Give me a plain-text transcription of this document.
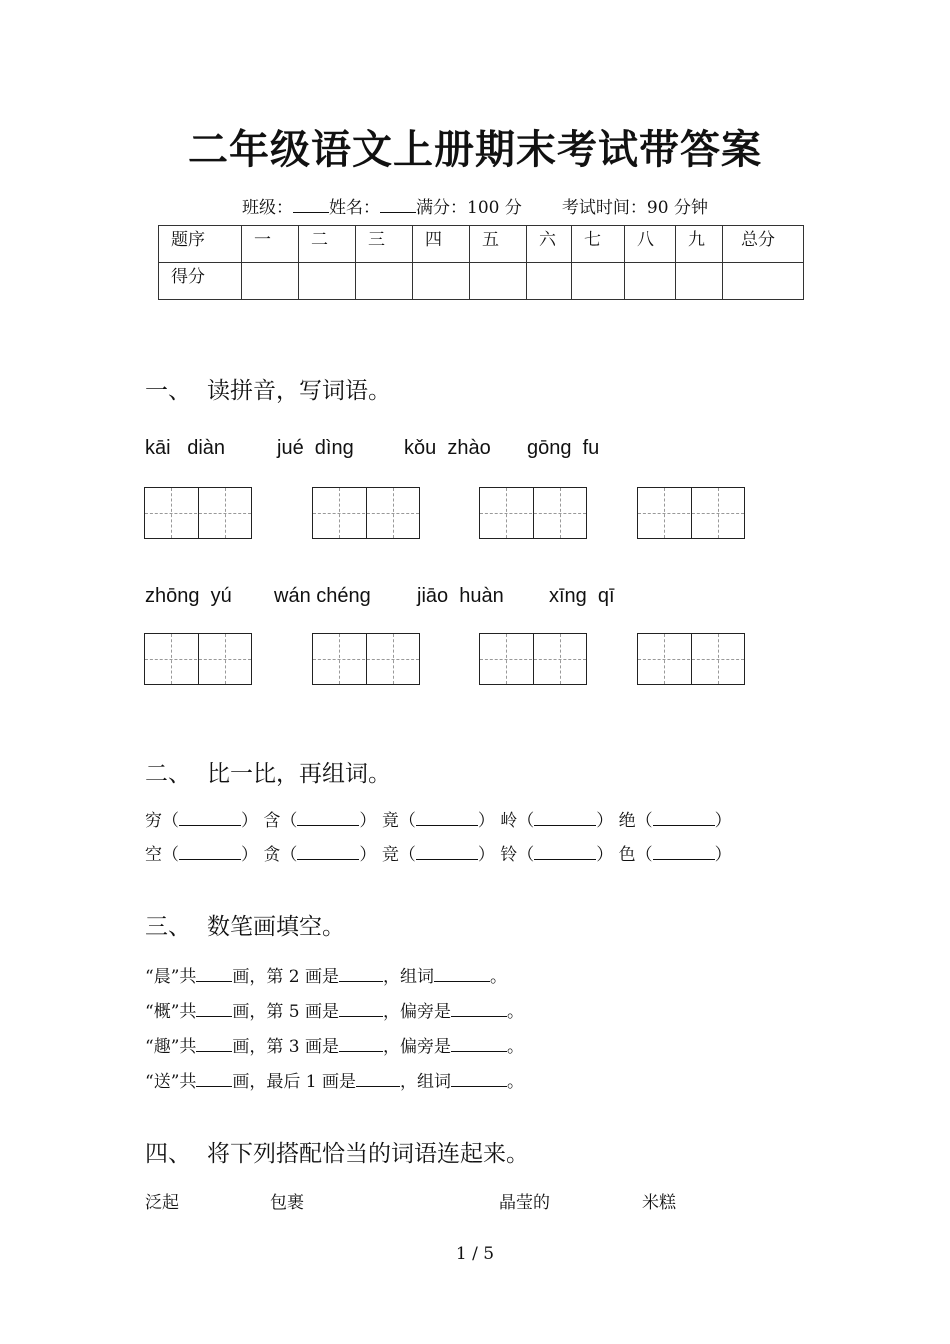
二年级语文上册期末考试带答案
班级： 姓名： 满分：100 分 考试时间：90 分钟
题序	一	二	三	四	五	六	七	八	九	总分
得分										
一、 读拼音，写词语。
kāi   diàn	jué  dìng	kǒu  zhào gōng  fu
zhōng  yú wán chéng jiāo  huàn xīng  qī
二、 比一比，再组词。
穷（	） 含（	） 竟（	） 岭（	） 绝（	）
空（	） 贪（	） 竞（	） 铃（	） 色（	）
三、 数笔画填空。
“晨”共 画，第 2 画是	，组词	。
“概”共 画，第 5 画是	，偏旁是	。
“趣”共 画，第 3 画是	，偏旁是	。
“送”共 画，最后 1 画是	，组词	。
四、 将下列搭配恰当的词语连起来。
泛起	包裹	晶莹的	米糕
1 / 5
